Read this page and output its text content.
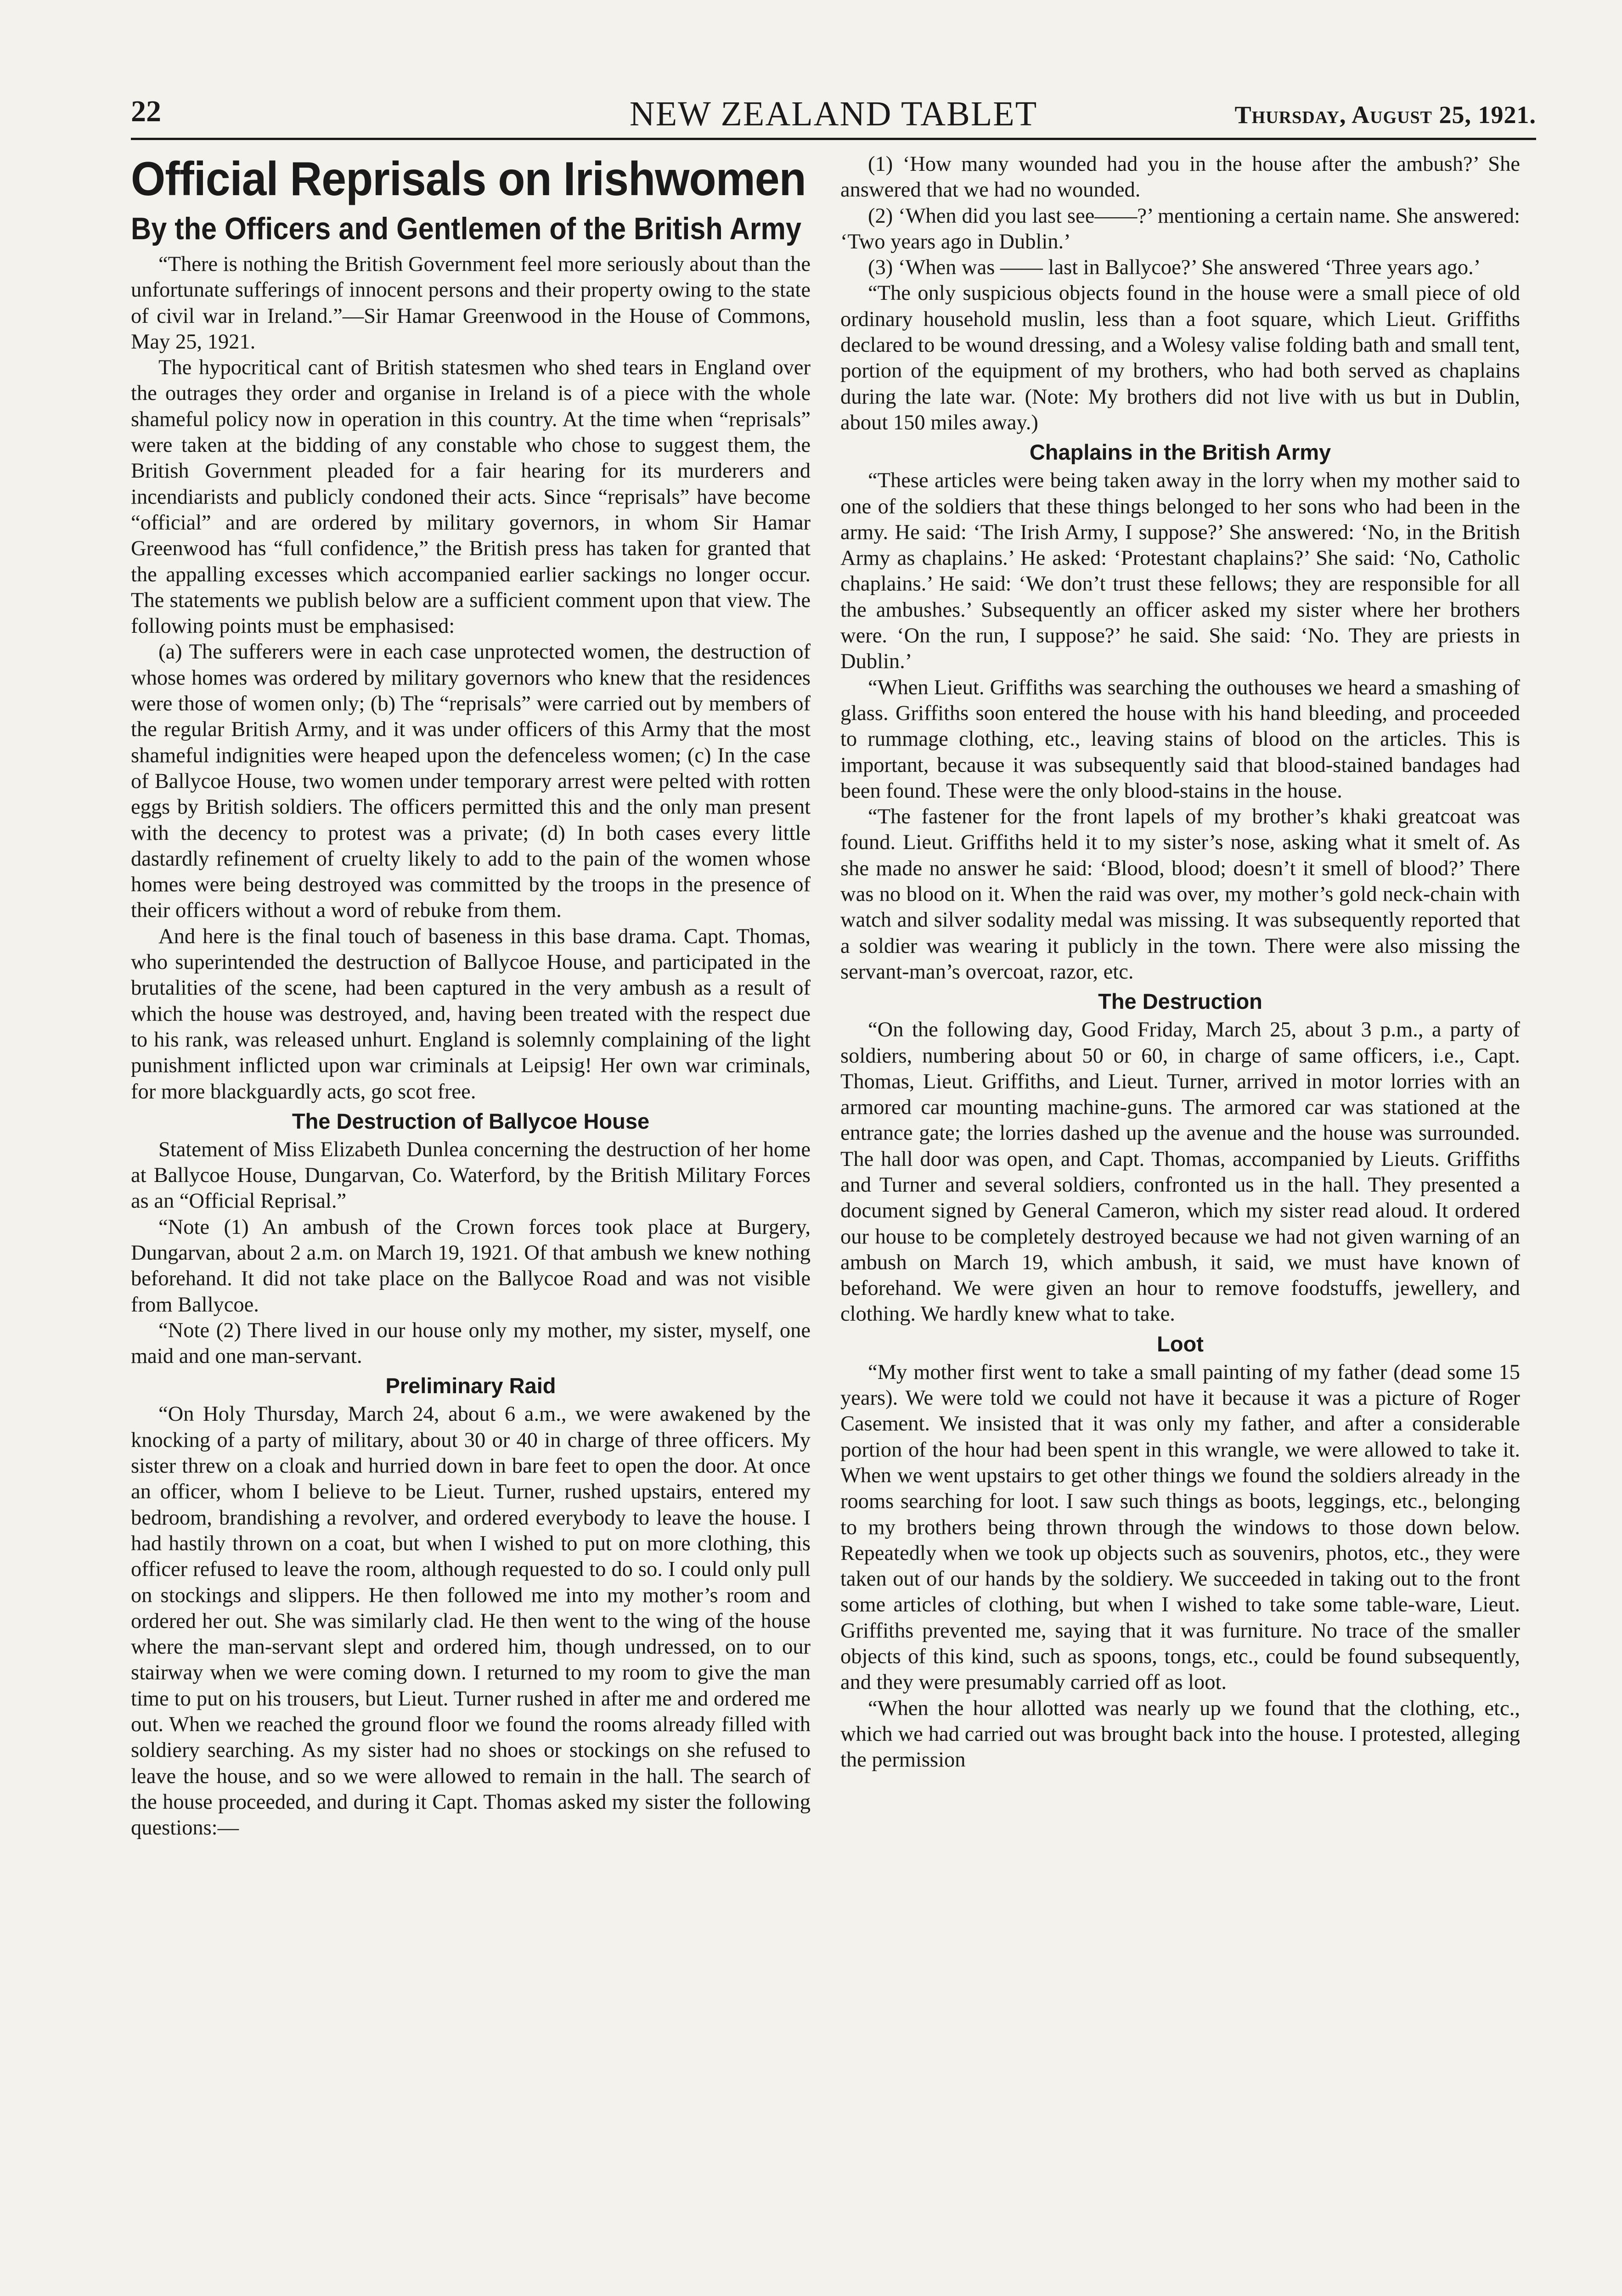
22	NEW ZEALAND TABLET	Thursday, August 25, 1921.
Official Reprisals on Irishwomen
By the Officers and Gentlemen of the British Army

“There is nothing the British Government feel more seriously about than the unfortunate sufferings of innocent persons and their property owing to the state of civil war in Ireland.”—Sir Hamar Greenwood in the House of Commons, May 25, 1921.

The hypocritical cant of British statesmen who shed tears in England over the outrages they order and organise in Ireland is of a piece with the whole shameful policy now in operation in this country. At the time when “reprisals” were taken at the bidding of any constable who chose to suggest them, the British Government pleaded for a fair hearing for its murderers and incendiarists and publicly condoned their acts. Since “reprisals” have become “official” and are ordered by military governors, in whom Sir Hamar Greenwood has “full confidence,” the British press has taken for granted that the appalling excesses which accompanied earlier sackings no longer occur. The statements we publish below are a sufficient comment upon that view. The following points must be emphasised:

(a) The sufferers were in each case unprotected women, the destruction of whose homes was ordered by military governors who knew that the residences were those of women only; (b) The “reprisals” were carried out by members of the regular British Army, and it was under officers of this Army that the most shameful indignities were heaped upon the defenceless women; (c) In the case of Ballycoe House, two women under temporary arrest were pelted with rotten eggs by British soldiers. The officers permitted this and the only man present with the decency to protest was a private; (d) In both cases every little dastardly refinement of cruelty likely to add to the pain of the women whose homes were being destroyed was committed by the troops in the presence of their officers without a word of rebuke from them.

And here is the final touch of baseness in this base drama. Capt. Thomas, who superintended the destruction of Ballycoe House, and participated in the brutalities of the scene, had been captured in the very ambush as a result of which the house was destroyed, and, having been treated with the respect due to his rank, was released unhurt. England is solemnly complaining of the light punishment inflicted upon war criminals at Leipsig! Her own war criminals, for more blackguardly acts, go scot free.

The Destruction of Ballycoe House

Statement of Miss Elizabeth Dunlea concerning the destruction of her home at Ballycoe House, Dungarvan, Co. Waterford, by the British Military Forces as an “Official Reprisal.”

“Note (1) An ambush of the Crown forces took place at Burgery, Dungarvan, about 2 a.m. on March 19, 1921. Of that ambush we knew nothing beforehand. It did not take place on the Ballycoe Road and was not visible from Ballycoe.

“Note (2) There lived in our house only my mother, my sister, myself, one maid and one man-servant.

Preliminary Raid

“On Holy Thursday, March 24, about 6 a.m., we were awakened by the knocking of a party of military, about 30 or 40 in charge of three officers. My sister threw on a cloak and hurried down in bare feet to open the door. At once an officer, whom I believe to be Lieut. Turner, rushed upstairs, entered my bedroom, brandishing a revolver, and ordered everybody to leave the house. I had hastily thrown on a coat, but when I wished to put on more clothing, this officer refused to leave the room, although requested to do so. I could only pull on stockings and slippers. He then followed me into my mother’s room and ordered her out. She was similarly clad. He then went to the wing of the house where the man-servant slept and ordered him, though undressed, on to our stairway when we were coming down. I returned to my room to give the man time to put on his trousers, but Lieut. Turner rushed in after me and ordered me out. When we reached the ground floor we found the rooms already filled with soldiery searching. As my sister had no shoes or stockings on she refused to leave the house, and so we were allowed to remain in the hall. The search of the house proceeded, and during it Capt. Thomas asked my sister the following questions:—

(1) ‘How many wounded had you in the house after the ambush?’ She answered that we had no wounded.

(2) ‘When did you last see——?’ mentioning a certain name. She answered: ‘Two years ago in Dublin.’

(3) ‘When was —— last in Ballycoe?’ She answered ‘Three years ago.’

“The only suspicious objects found in the house were a small piece of old ordinary household muslin, less than a foot square, which Lieut. Griffiths declared to be wound dressing, and a Wolesy valise folding bath and small tent, portion of the equipment of my brothers, who had both served as chaplains during the late war. (Note: My brothers did not live with us but in Dublin, about 150 miles away.)

Chaplains in the British Army

“These articles were being taken away in the lorry when my mother said to one of the soldiers that these things belonged to her sons who had been in the army. He said: ‘The Irish Army, I suppose?’ She answered: ‘No, in the British Army as chaplains.’ He asked: ‘Protestant chaplains?’ She said: ‘No, Catholic chaplains.’ He said: ‘We don’t trust these fellows; they are responsible for all the ambushes.’ Subsequently an officer asked my sister where her brothers were. ‘On the run, I suppose?’ he said. She said: ‘No. They are priests in Dublin.’

“When Lieut. Griffiths was searching the outhouses we heard a smashing of glass. Griffiths soon entered the house with his hand bleeding, and proceeded to rummage clothing, etc., leaving stains of blood on the articles. This is important, because it was subsequently said that blood-stained bandages had been found. These were the only blood-stains in the house.

“The fastener for the front lapels of my brother’s khaki greatcoat was found. Lieut. Griffiths held it to my sister’s nose, asking what it smelt of. As she made no answer he said: ‘Blood, blood; doesn’t it smell of blood?’ There was no blood on it. When the raid was over, my mother’s gold neck-chain with watch and silver sodality medal was missing. It was subsequently reported that a soldier was wearing it publicly in the town. There were also missing the servant-man’s overcoat, razor, etc.

The Destruction

“On the following day, Good Friday, March 25, about 3 p.m., a party of soldiers, numbering about 50 or 60, in charge of same officers, i.e., Capt. Thomas, Lieut. Griffiths, and Lieut. Turner, arrived in motor lorries with an armored car mounting machine-guns. The armored car was stationed at the entrance gate; the lorries dashed up the avenue and the house was surrounded. The hall door was open, and Capt. Thomas, accompanied by Lieuts. Griffiths and Turner and several soldiers, confronted us in the hall. They presented a document signed by General Cameron, which my sister read aloud. It ordered our house to be completely destroyed because we had not given warning of an ambush on March 19, which ambush, it said, we must have known of beforehand. We were given an hour to remove foodstuffs, jewellery, and clothing. We hardly knew what to take.

Loot

“My mother first went to take a small painting of my father (dead some 15 years). We were told we could not have it because it was a picture of Roger Casement. We insisted that it was only my father, and after a considerable portion of the hour had been spent in this wrangle, we were allowed to take it. When we went upstairs to get other things we found the soldiers already in the rooms searching for loot. I saw such things as boots, leggings, etc., belonging to my brothers being thrown through the windows to those down below. Repeatedly when we took up objects such as souvenirs, photos, etc., they were taken out of our hands by the soldiery. We succeeded in taking out to the front some articles of clothing, but when I wished to take some table-ware, Lieut. Griffiths prevented me, saying that it was furniture. No trace of the smaller objects of this kind, such as spoons, tongs, etc., could be found subsequently, and they were presumably carried off as loot.

“When the hour allotted was nearly up we found that the clothing, etc., which we had carried out was brought back into the house. I protested, alleging the permission
